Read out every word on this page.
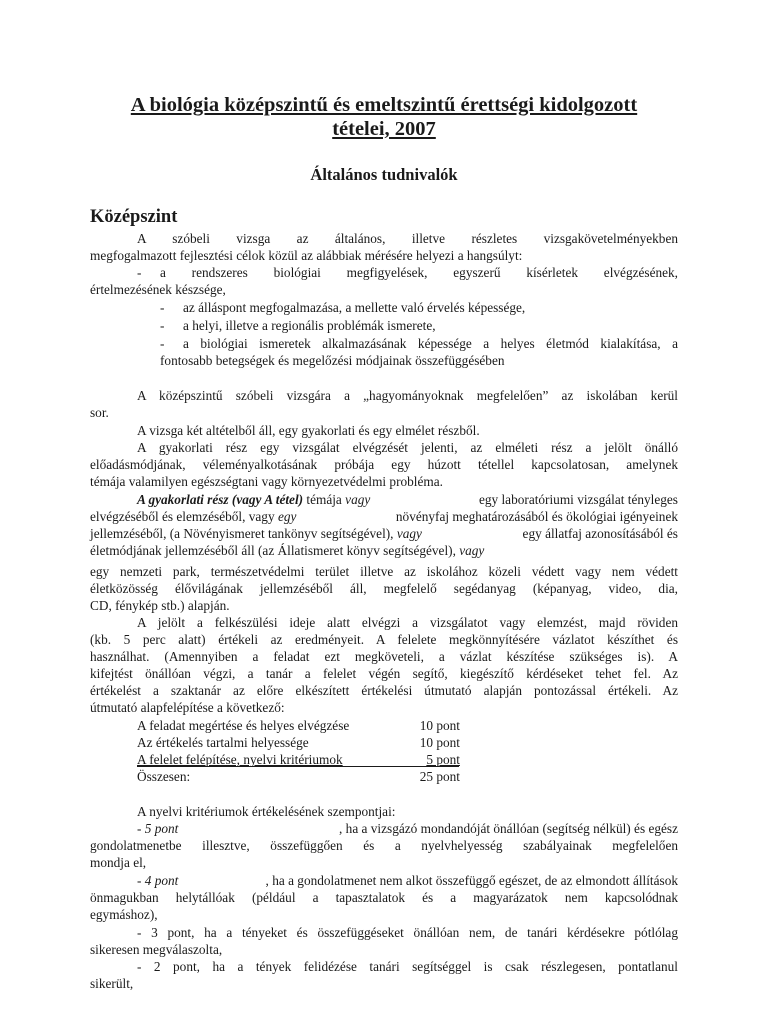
A biológia középszintű és emeltszintű érettségi kidolgozott
tételei, 2007
Általános tudnivalók
Középszint
A szóbeli vizsga az általános, illetve részletes vizsgakövetelményekben
megfogalmazott fejlesztési célok közül az alábbiak mérésére helyezi a hangsúlyt:
- a rendszeres biológiai megfigyelések, egyszerű kísérletek elvégzésének,
értelmezésének készsége,
- az álláspont megfogalmazása, a mellette való érvelés képessége,
- a helyi, illetve a regionális problémák ismerete,
- a biológiai ismeretek alkalmazásának képessége a helyes életmód kialakítása, a
fontosabb betegségek és megelőzési módjainak összefüggésében
A középszintű szóbeli vizsgára a „hagyományoknak megfelelően” az iskolában kerül
sor.
A vizsga két altételből áll, egy gyakorlati és egy elmélet részből.
A gyakorlati rész egy vizsgálat elvégzését jelenti, az elméleti rész a jelölt önálló
előadásmódjának, véleményalkotásának próbája egy húzott tétellel kapcsolatosan, amelynek
témája valamilyen egészségtani vagy környezetvédelmi probléma.
A gyakorlati rész (vagy A tétel) témája vagy	egy laboratóriumi vizsgálat tényleges
elvégzéséből és elemzéséből, vagy egy	növényfaj meghatározásából és ökológiai igényeinek
jellemzéséből, (a Növényismeret tankönyv segítségével), vagy	egy állatfaj azonosításából és
életmódjának jellemzéséből áll (az Állatismeret könyv segítségével), vagy
egy nemzeti park, természetvédelmi terület illetve az iskolához közeli védett vagy nem védett
életközösség élővilágának jellemzéséből áll, megfelelő segédanyag (képanyag, video, dia,
CD, fénykép stb.) alapján.
A jelölt a felkészülési ideje alatt elvégzi a vizsgálatot vagy elemzést, majd röviden
(kb. 5 perc alatt) értékeli az eredményeit. A felelete megkönnyítésére vázlatot készíthet és
használhat. (Amennyiben a feladat ezt megköveteli, a vázlat készítése szükséges is). A
kifejtést önállóan végzi, a tanár a felelet végén segítő, kiegészítő kérdéseket tehet fel. Az
értékelést a szaktanár az előre elkészített értékelési útmutató alapján pontozással értékeli. Az
útmutató alapfelépítése a következő:
A feladat megértése és helyes elvégzése	10 pont
Az értékelés tartalmi helyessége	10 pont
A felelet felépítése, nyelvi kritériumok	5 pont
Összesen:	25 pont
A nyelvi kritériumok értékelésének szempontjai:
- 5 pont	, ha a vizsgázó mondandóját önállóan (segítség nélkül) és egész
gondolatmenetbe illesztve, összefüggően és a nyelvhelyesség szabályainak megfelelően
mondja el,
- 4 pont	, ha a gondolatmenet nem alkot összefüggő egészet, de az elmondott állítások
önmagukban helytállóak (például a tapasztalatok és a magyarázatok nem kapcsolódnak
egymáshoz),
- 3 pont, ha a tényeket és összefüggéseket önállóan nem, de tanári kérdésekre pótlólag
sikeresen megválaszolta,
- 2 pont, ha a tények felidézése tanári segítséggel is csak részlegesen, pontatlanul
sikerült,
